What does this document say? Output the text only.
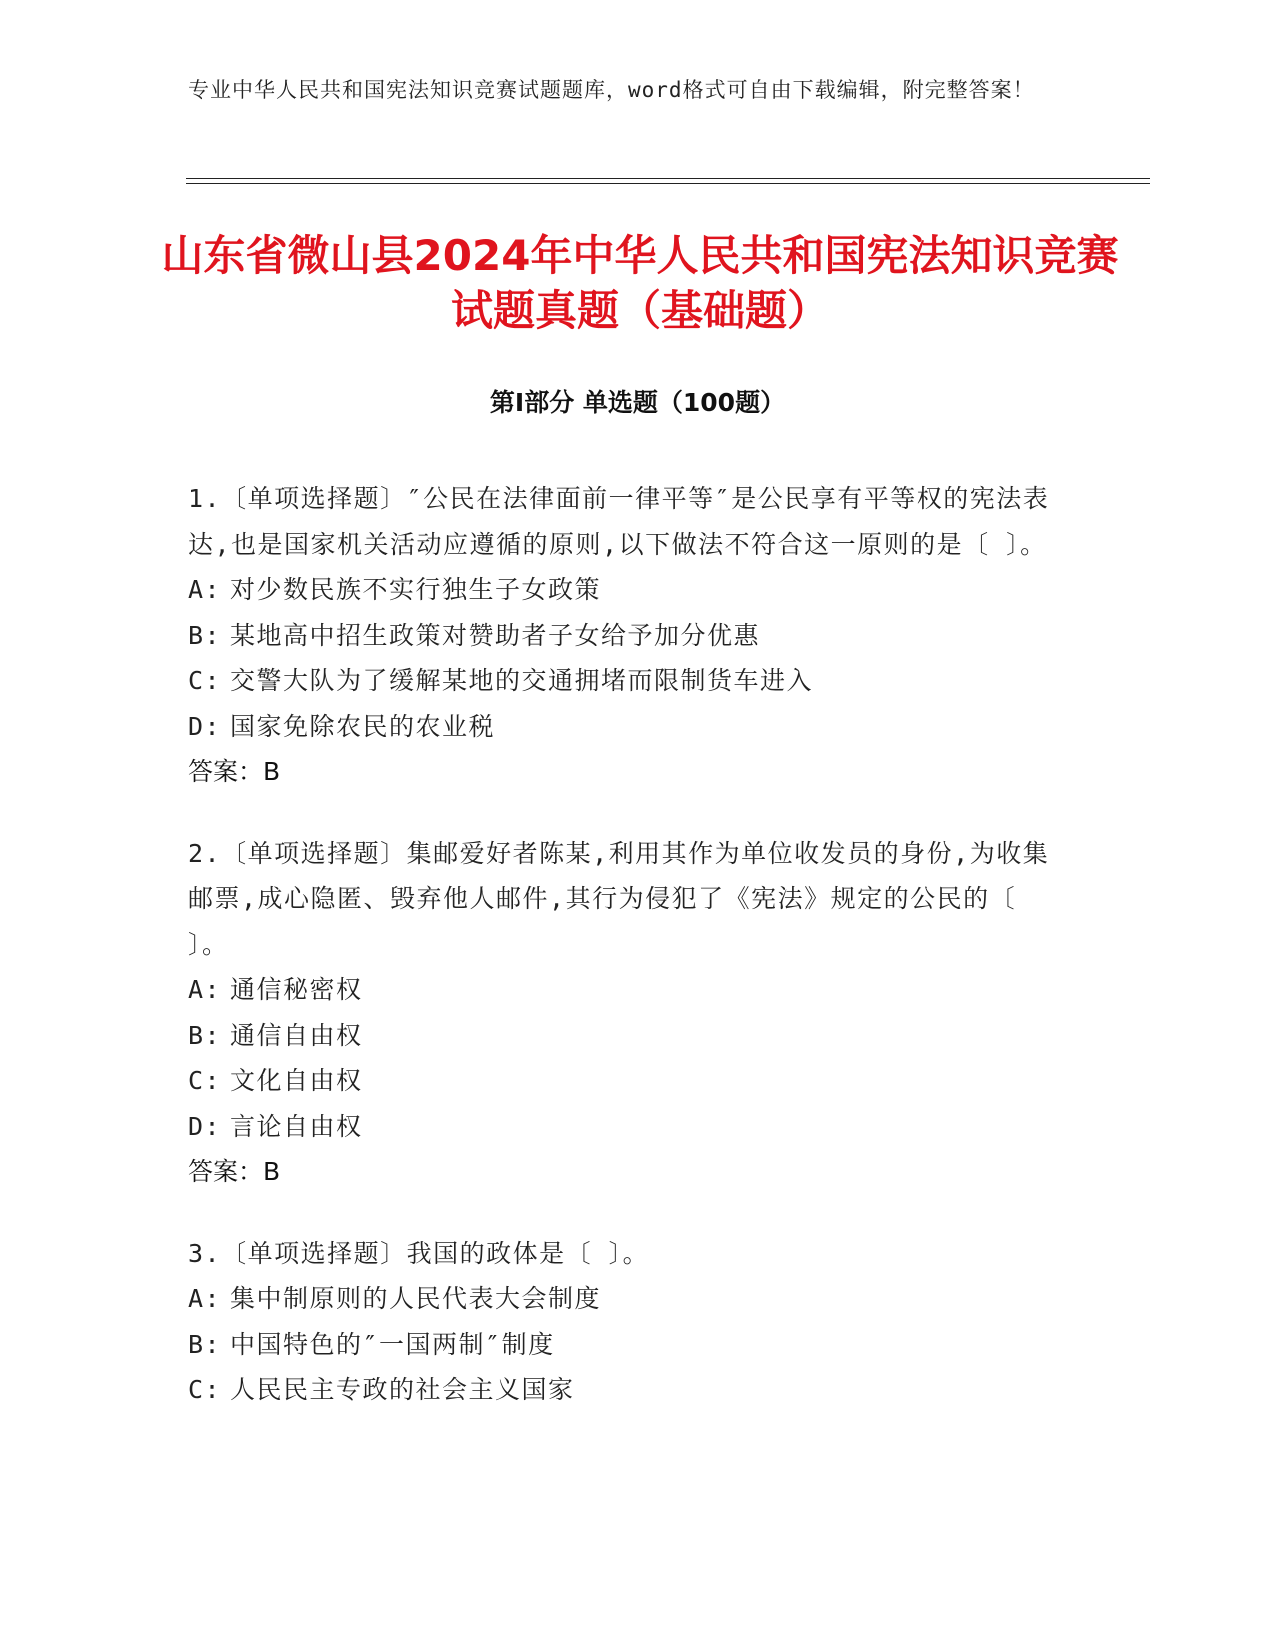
专业中华人民共和国宪法知识竞赛试题题库，word格式可自由下载编辑，附完整答案！
山东省微山县2024年中华人民共和国宪法知识竞赛试题真题（基础题）
第Ⅰ部分 单选题（100题）
1.〔单项选择题〕″公民在法律面前一律平等″是公民享有平等权的宪法表达,也是国家机关活动应遵循的原则,以下做法不符合这一原则的是〔 〕。
A: 对少数民族不实行独生子女政策
B: 某地高中招生政策对赞助者子女给予加分优惠
C: 交警大队为了缓解某地的交通拥堵而限制货车进入
D: 国家免除农民的农业税
答案：B
2.〔单项选择题〕集邮爱好者陈某,利用其作为单位收发员的身份,为收集邮票,成心隐匿、毁弃他人邮件,其行为侵犯了《宪法》规定的公民的〔 〕。
A: 通信秘密权
B: 通信自由权
C: 文化自由权
D: 言论自由权
答案：B
3.〔单项选择题〕我国的政体是〔 〕。
A: 集中制原则的人民代表大会制度
B: 中国特色的″一国两制″制度
C: 人民民主专政的社会主义国家
